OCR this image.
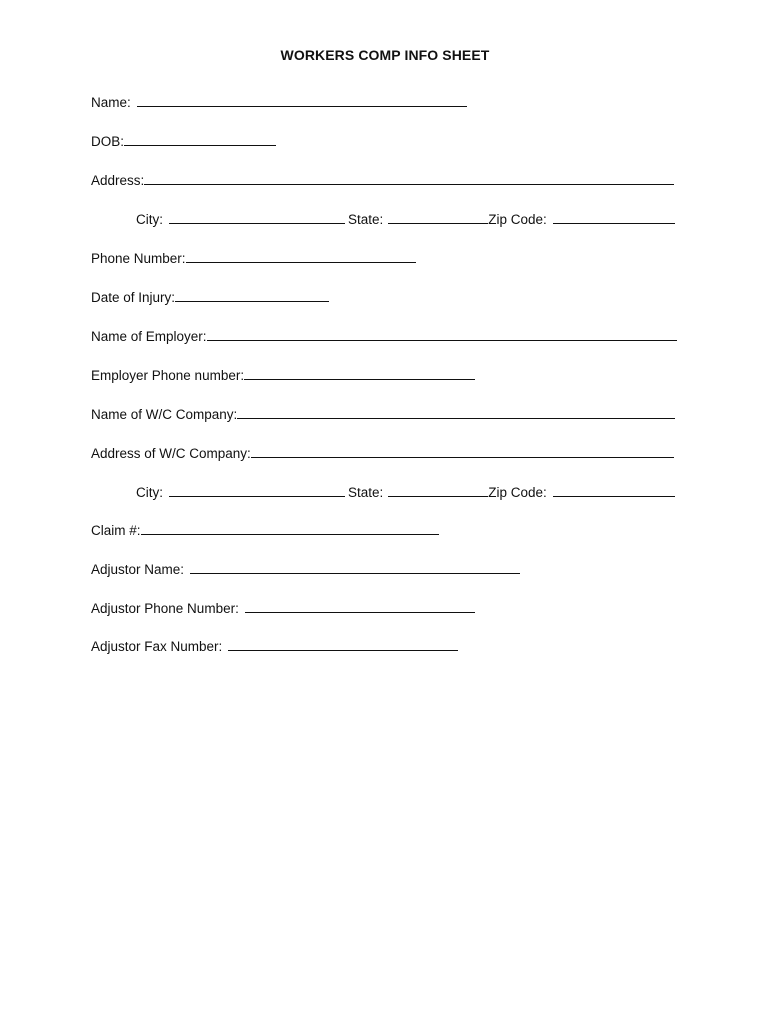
WORKERS COMP INFO SHEET
Name:
DOB:
Address:
City:	State:	Zip Code:
Phone Number:
Date of Injury:
Name of Employer:
Employer Phone number:
Name of W/C Company:
Address of W/C Company:
City:	State:	Zip Code:
Claim #:
Adjustor Name:
Adjustor Phone Number:
Adjustor Fax Number:
